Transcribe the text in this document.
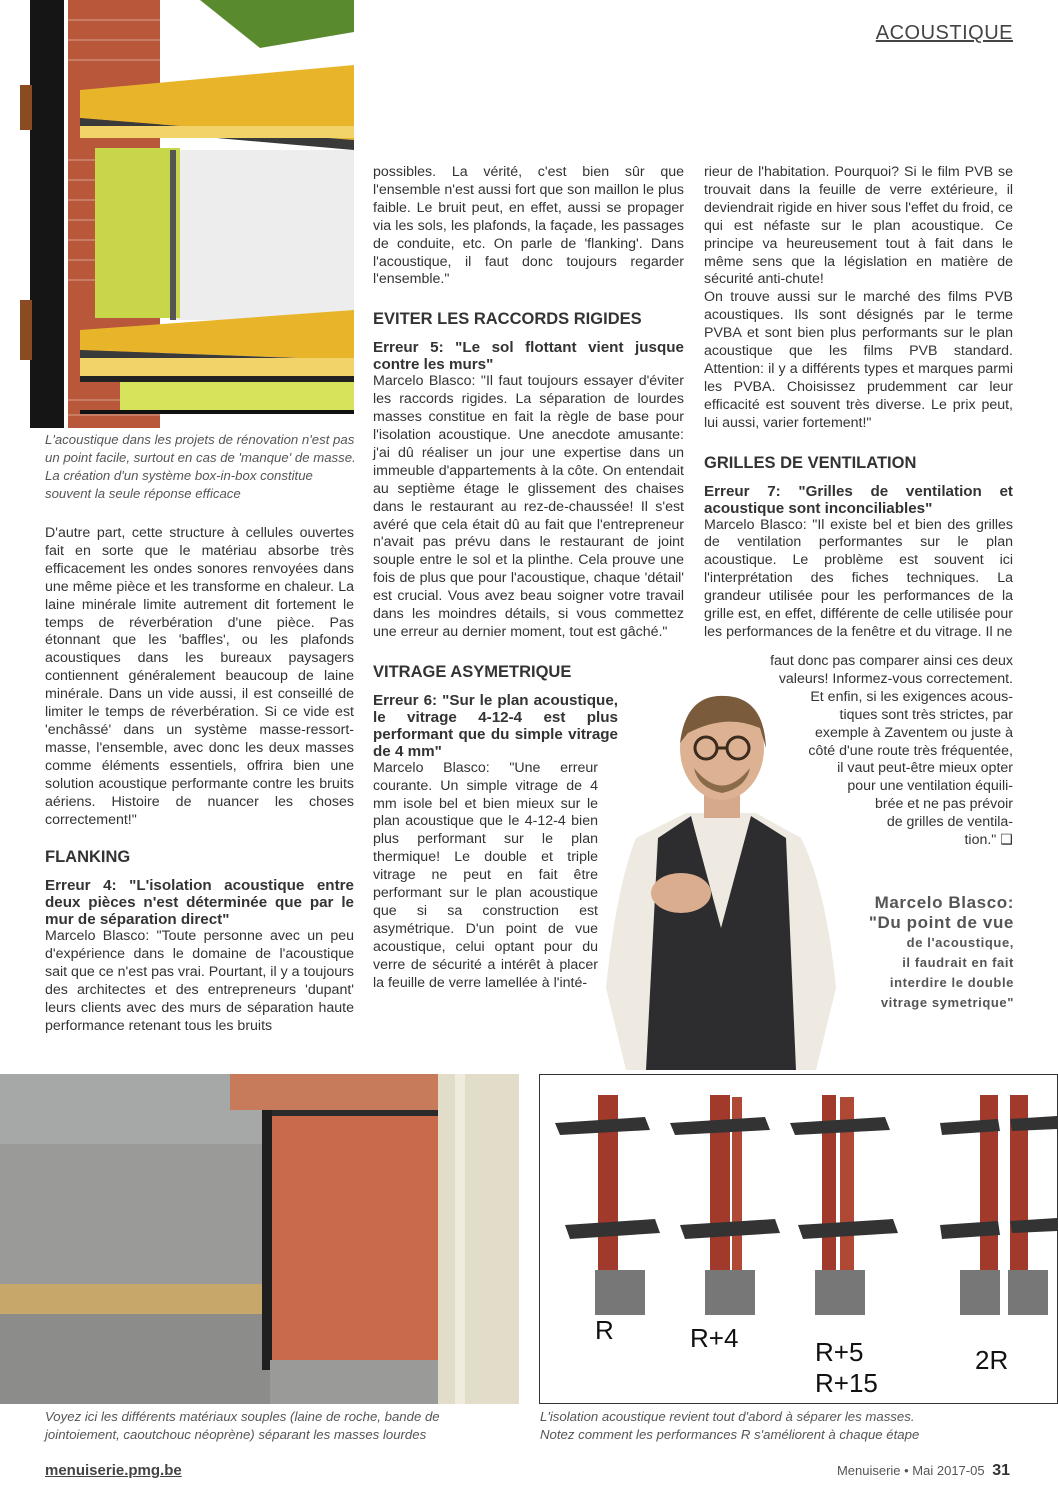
ACOUSTIQUE
L'acoustique dans les projets de rénovation n'est pas un point facile, surtout en cas de 'manque' de masse. La création d'un système box-in-box constitue souvent la seule réponse efficace

D'autre part, cette structure à cellules ouvertes fait en sorte que le matériau absorbe très efficacement les ondes sonores renvoyées dans une même pièce et les transforme en chaleur. La laine minérale limite autrement dit fortement le temps de réverbération d'une pièce. Pas étonnant que les 'baffles', ou les plafonds acoustiques dans les bureaux paysagers contiennent généralement beaucoup de laine minérale. Dans un vide aussi, il est conseillé de limiter le temps de réverbération. Si ce vide est 'enchâssé' dans un système masse-ressort-masse, l'ensemble, avec donc les deux masses comme éléments essentiels, offrira bien une solution acoustique performante contre les bruits aériens. Histoire de nuancer les choses correctement!"

FLANKING
Erreur 4: "L'isolation acoustique entre deux pièces n'est déterminée que par le mur de séparation direct"

Marcelo Blasco: "Toute personne avec un peu d'expérience dans le domaine de l'acoustique sait que ce n'est pas vrai. Pourtant, il y a toujours des architectes et des entrepreneurs 'dupant' leurs clients avec des murs de séparation haute performance retenant tous les bruits

possibles. La vérité, c'est bien sûr que l'ensemble n'est aussi fort que son maillon le plus faible. Le bruit peut, en effet, aussi se propager via les sols, les plafonds, la façade, les passages de conduite, etc. On parle de 'flanking'. Dans l'acoustique, il faut donc toujours regarder l'ensemble."

EVITER LES RACCORDS RIGIDES
Erreur 5: "Le sol flottant vient jusque contre les murs"

Marcelo Blasco: "Il faut toujours essayer d'éviter les raccords rigides. La séparation de lourdes masses constitue en fait la règle de base pour l'isolation acoustique. Une anecdote amusante: j'ai dû réaliser un jour une expertise dans un immeuble d'appartements à la côte. On entendait au septième étage le glissement des chaises dans le restaurant au rez-de-chaussée! Il s'est avéré que cela était dû au fait que l'entrepreneur n'avait pas prévu dans le restaurant de joint souple entre le sol et la plinthe. Cela prouve une fois de plus que pour l'acoustique, chaque 'détail' est crucial. Vous avez beau soigner votre travail dans les moindres détails, si vous commettez une erreur au dernier moment, tout est gâché."

VITRAGE ASYMETRIQUE
Erreur 6: "Sur le plan acoustique, le vitrage 4-12-4 est plus performant que du simple vitrage de 4 mm"

Marcelo Blasco: "Une erreur courante. Un simple vitrage de 4 mm isole bel et bien mieux sur le plan acoustique que le 4-12-4 bien plus performant sur le plan thermique! Le double et triple vitrage ne peut en fait être performant sur le plan acoustique que si sa construction est asymétrique. D'un point de vue acoustique, celui optant pour du verre de sécurité a intérêt à placer la feuille de verre lamellée à l'inté-

rieur de l'habitation. Pourquoi? Si le film PVB se trouvait dans la feuille de verre extérieure, il deviendrait rigide en hiver sous l'effet du froid, ce qui est néfaste sur le plan acoustique. Ce principe va heureusement tout à fait dans le même sens que la législation en matière de sécurité anti-chute!

On trouve aussi sur le marché des films PVB acoustiques. Ils sont désignés par le terme PVBA et sont bien plus performants sur le plan acoustique que les films PVB standard. Attention: il y a différents types et marques parmi les PVBA. Choisissez prudemment car leur efficacité est souvent très diverse. Le prix peut, lui aussi, varier fortement!"

GRILLES DE VENTILATION
Erreur 7: "Grilles de ventilation et acoustique sont inconciliables"

Marcelo Blasco: "Il existe bel et bien des grilles de ventilation performantes sur le plan acoustique. Le problème est souvent ici l'interprétation des fiches techniques. La grandeur utilisée pour les performances de la grille est, en effet, différente de celle utilisée pour les performances de la fenêtre et du vitrage. Il ne

faut donc pas comparer ainsi ces deux
valeurs! Informez-vous correctement.
Et enfin, si les exigences acous-
tiques sont très strictes, par
exemple à Zaventem ou juste à
côté d'une route très fréquentée,
il vaut peut-être mieux opter
pour une ventilation équili-
brée et ne pas prévoir
de grilles de ventila-
tion." ❑
Marcelo Blasco:
"Du point de vue
de l'acoustique,
il faudrait en fait
interdire le double
vitrage symetrique"
Voyez ici les différents matériaux souples (laine de roche, bande de jointoiement, caoutchouc néoprène) séparant les masses lourdes
R	R+4	R+5
R+15
2R
L'isolation acoustique revient tout d'abord à séparer les masses. Notez comment les performances R s'améliorent à chaque étape
menuiserie.pmg.be	Menuiserie • Mai 2017-05 31
